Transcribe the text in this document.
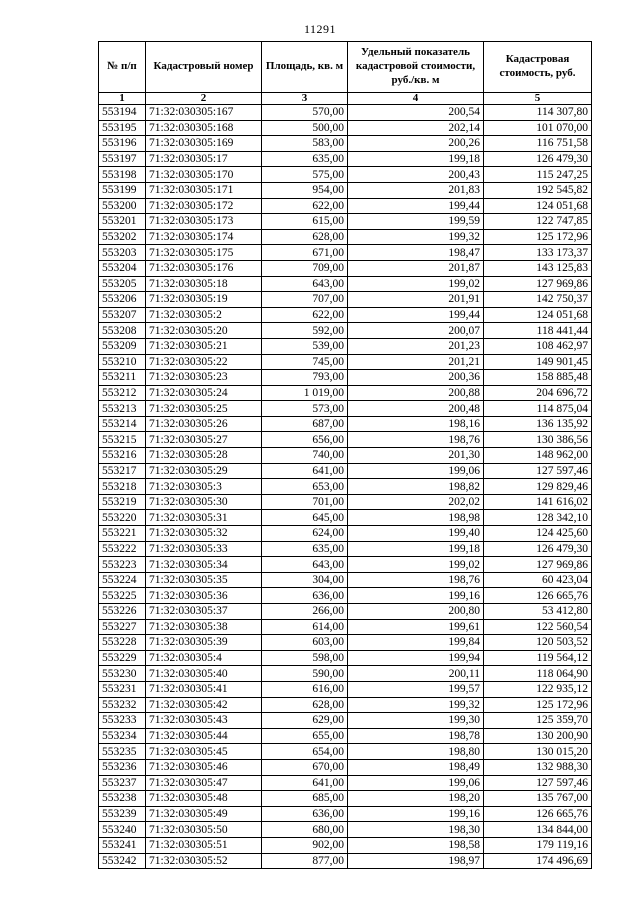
11291
№ п/п	Кадастровый номер	Площадь, кв. м	Удельный показатель кадастровой стоимости, руб./кв. м	Кадастровая стоимость, руб.
1	2	3	4	5
553194	71:32:030305:167	570,00	200,54	114 307,80
553195	71:32:030305:168	500,00	202,14	101 070,00
553196	71:32:030305:169	583,00	200,26	116 751,58
553197	71:32:030305:17	635,00	199,18	126 479,30
553198	71:32:030305:170	575,00	200,43	115 247,25
553199	71:32:030305:171	954,00	201,83	192 545,82
553200	71:32:030305:172	622,00	199,44	124 051,68
553201	71:32:030305:173	615,00	199,59	122 747,85
553202	71:32:030305:174	628,00	199,32	125 172,96
553203	71:32:030305:175	671,00	198,47	133 173,37
553204	71:32:030305:176	709,00	201,87	143 125,83
553205	71:32:030305:18	643,00	199,02	127 969,86
553206	71:32:030305:19	707,00	201,91	142 750,37
553207	71:32:030305:2	622,00	199,44	124 051,68
553208	71:32:030305:20	592,00	200,07	118 441,44
553209	71:32:030305:21	539,00	201,23	108 462,97
553210	71:32:030305:22	745,00	201,21	149 901,45
553211	71:32:030305:23	793,00	200,36	158 885,48
553212	71:32:030305:24	1 019,00	200,88	204 696,72
553213	71:32:030305:25	573,00	200,48	114 875,04
553214	71:32:030305:26	687,00	198,16	136 135,92
553215	71:32:030305:27	656,00	198,76	130 386,56
553216	71:32:030305:28	740,00	201,30	148 962,00
553217	71:32:030305:29	641,00	199,06	127 597,46
553218	71:32:030305:3	653,00	198,82	129 829,46
553219	71:32:030305:30	701,00	202,02	141 616,02
553220	71:32:030305:31	645,00	198,98	128 342,10
553221	71:32:030305:32	624,00	199,40	124 425,60
553222	71:32:030305:33	635,00	199,18	126 479,30
553223	71:32:030305:34	643,00	199,02	127 969,86
553224	71:32:030305:35	304,00	198,76	60 423,04
553225	71:32:030305:36	636,00	199,16	126 665,76
553226	71:32:030305:37	266,00	200,80	53 412,80
553227	71:32:030305:38	614,00	199,61	122 560,54
553228	71:32:030305:39	603,00	199,84	120 503,52
553229	71:32:030305:4	598,00	199,94	119 564,12
553230	71:32:030305:40	590,00	200,11	118 064,90
553231	71:32:030305:41	616,00	199,57	122 935,12
553232	71:32:030305:42	628,00	199,32	125 172,96
553233	71:32:030305:43	629,00	199,30	125 359,70
553234	71:32:030305:44	655,00	198,78	130 200,90
553235	71:32:030305:45	654,00	198,80	130 015,20
553236	71:32:030305:46	670,00	198,49	132 988,30
553237	71:32:030305:47	641,00	199,06	127 597,46
553238	71:32:030305:48	685,00	198,20	135 767,00
553239	71:32:030305:49	636,00	199,16	126 665,76
553240	71:32:030305:50	680,00	198,30	134 844,00
553241	71:32:030305:51	902,00	198,58	179 119,16
553242	71:32:030305:52	877,00	198,97	174 496,69
